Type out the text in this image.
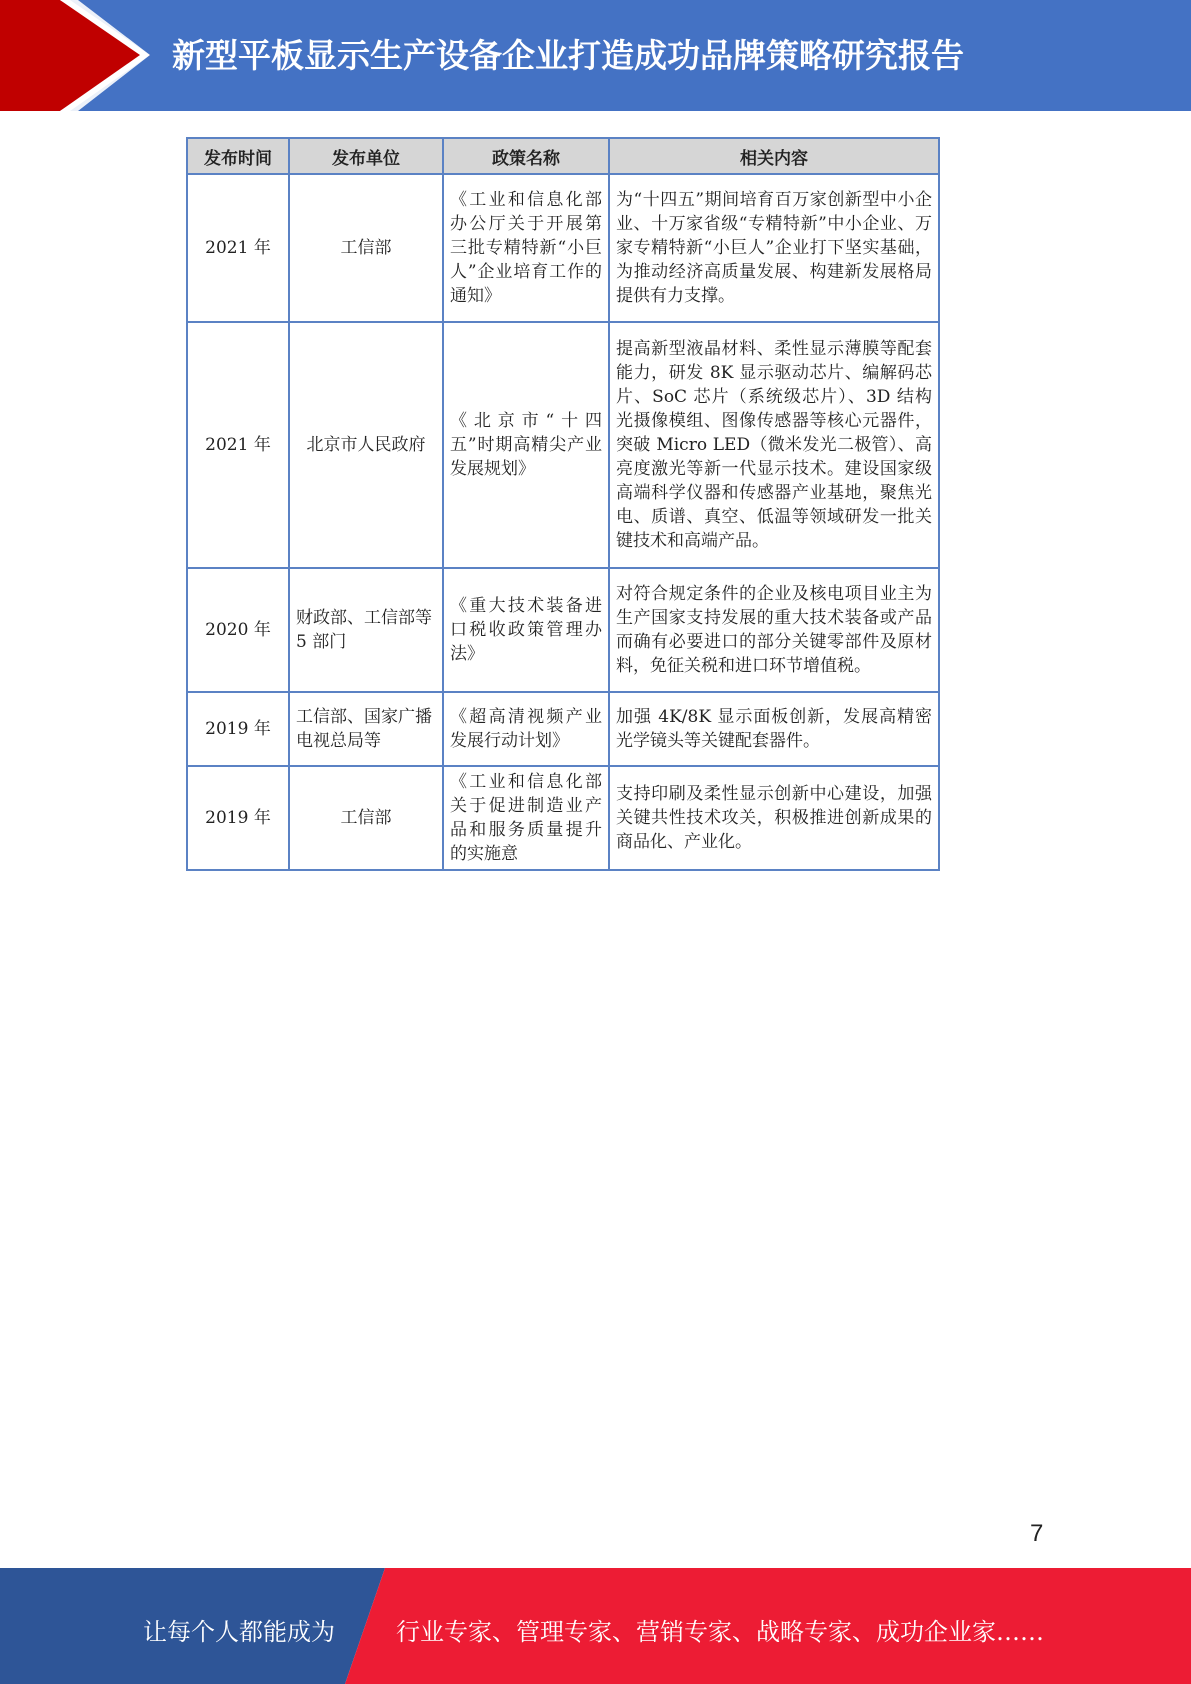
新型平板显示生产设备企业打造成功品牌策略研究报告
发布时间	发布单位	政策名称	相关内容
2021 年	工信部	《工业和信息化部办公厅关于开展第三批专精特新“小巨人”企业培育工作的通知》	为“十四五”期间培育百万家创新型中小企业、十万家省级“专精特新”中小企业、万家专精特新“小巨人”企业打下坚实基础，为推动经济高质量发展、构建新发展格局提供有力支撑。
2021 年	北京市人民政府	《北京市“十四五”时期高精尖产业发展规划》	提高新型液晶材料、柔性显示薄膜等配套能力，研发 8K 显示驱动芯片、编解码芯片、SoC 芯片（系统级芯片）、3D 结构光摄像模组、图像传感器等核心元器件，突破 Micro LED（微米发光二极管）、高亮度激光等新一代显示技术。建设国家级高端科学仪器和传感器产业基地，聚焦光电、质谱、真空、低温等领域研发一批关键技术和高端产品。
2020 年	财政部、工信部等 5 部门	《重大技术装备进口税收政策管理办法》	对符合规定条件的企业及核电项目业主为生产国家支持发展的重大技术装备或产品而确有必要进口的部分关键零部件及原材料，免征关税和进口环节增值税。
2019 年	工信部、国家广播电视总局等	《超高清视频产业发展行动计划》	加强 4K/8K 显示面板创新，发展高精密光学镜头等关键配套器件。
2019 年	工信部	《工业和信息化部关于促进制造业产品和服务质量提升的实施意	支持印刷及柔性显示创新中心建设，加强关键共性技术攻关，积极推进创新成果的商品化、产业化。
7
让每个人都能成为	行业专家、管理专家、营销专家、战略专家、成功企业家……
